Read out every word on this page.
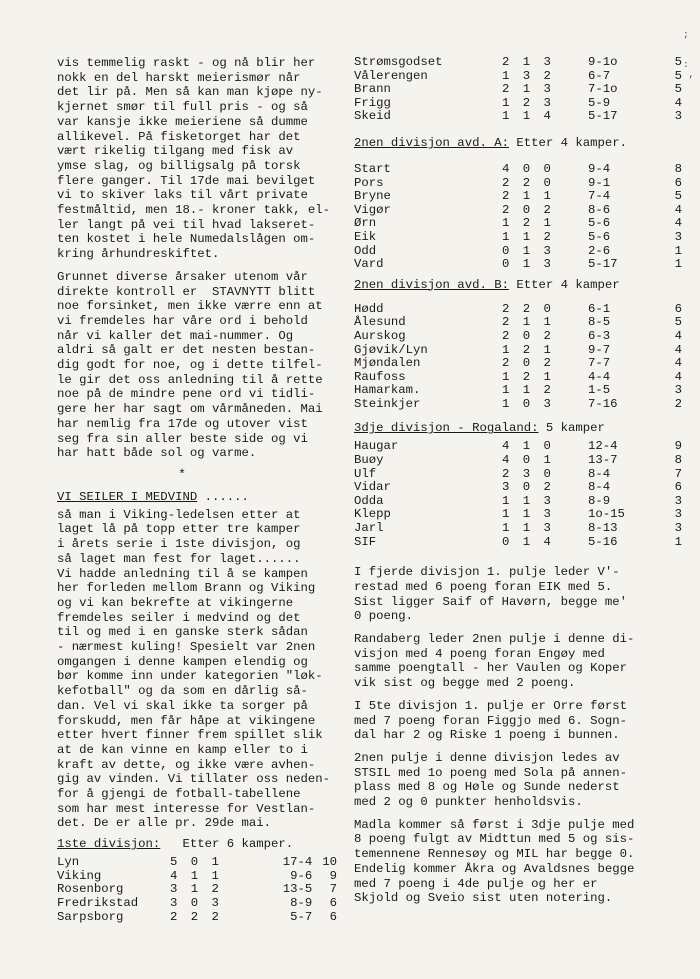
;

:
,

vis temmelig raskt - og nå blir her
nokk en del harskt meierismør når
det lir på. Men så kan man kjøpe ny-
kjernet smør til full pris - og så
var kansje ikke meieriene så dumme
allikevel. På fisketorget har det
vært rikelig tilgang med fisk av
ymse slag, og billigsalg på torsk
flere ganger. Til 17de mai bevilget
vi to skiver laks til vårt private
festmåltid, men 18.- kroner takk, el-
ler langt på vei til hvad lakseret-
ten kostet i hele Numedalslågen om-
kring århundreskiftet.

Grunnet diverse årsaker utenom vår
direkte kontroll er  STAVNYTT blitt
noe forsinket, men ikke værre enn at
vi fremdeles har våre ord i behold
når vi kaller det mai-nummer. Og
aldri så galt er det nesten bestan-
dig godt for noe, og i dette tilfel-
le gir det oss anledning til å rette
noe på de mindre pene ord vi tidli-
gere her har sagt om vårmåneden. Mai
har nemlig fra 17de og utover vist
seg fra sin aller beste side og vi
har hatt både sol og varme.

*

VI SEILER I MEDVIND ......

så man i Viking-ledelsen etter at
laget lå på topp etter tre kamper
i årets serie i 1ste divisjon, og
så laget man fest for laget......
Vi hadde anledning til å se kampen
her forleden mellom Brann og Viking
og vi kan bekrefte at vikingerne
fremdeles seiler i medvind og det
til og med i en ganske sterk sådan
- nærmest kuling! Spesielt var 2nen
omgangen i denne kampen elendig og
bør komme inn under kategorien "løk-
kefotball" og da som en dårlig så-
dan. Vel vi skal ikke ta sorger på
forskudd, men får håpe at vikingene
etter hvert finner frem spillet slik
at de kan vinne en kamp eller to i
kraft av dette, og ikke være avhen-
gig av vinden. Vi tillater oss neden-
for å gjengi de fotball-tabellene
som har mest interesse for Vestlan-
det. De er alle pr. 29de mai.

1ste divisjon:   Etter 6 kamper.

Lyn	5 0 1	17-4	10
Viking	4 1 1	9-6	9
Rosenborg	3 1 2	13-5	7
Fredrikstad	3 0 3	8-9	6
Sarpsborg	2 2 2	5-7	6
Strømsgodset	2 1 3	9-1o	5
Vålerengen	1 3 2	6-7	5
Brann	2 1 3	7-1o	5
Frigg	1 2 3	5-9	4
Skeid	1 1 4	5-17	3

2nen divisjon avd. A: Etter 4 kamper.

Start	4 0 0	9-4	8
Pors	2 2 0	9-1	6
Bryne	2 1 1	7-4	5
Vigør	2 0 2	8-6	4
Ørn	1 2 1	5-6	4
Eik	1 1 2	5-6	3
Odd	0 1 3	2-6	1
Vard	0 1 3	5-17	1

2nen divisjon avd. B: Etter 4 kamper

Hødd	2 2 0	6-1	6
Ålesund	2 1 1	8-5	5
Aurskog	2 0 2	6-3	4
Gjøvik/Lyn	1 2 1	9-7	4
Mjøndalen	2 0 2	7-7	4
Raufoss	1 2 1	4-4	4
Hamarkam.	1 1 2	1-5	3
Steinkjer	1 0 3	7-16	2

3dje divisjon - Rogaland: 5 kamper

Haugar	4 1 0	12-4	9
Buøy	4 0 1	13-7	8
Ulf	2 3 0	8-4	7
Vidar	3 0 2	8-4	6
Odda	1 1 3	8-9	3
Klepp	1 1 3	1o-15	3
Jarl	1 1 3	8-13	3
SIF	0 1 4	5-16	1

I fjerde divisjon 1. pulje leder V'-
restad med 6 poeng foran EIK med 5.
Sist ligger Saif of Havørn, begge me'
0 poeng.

Randaberg leder 2nen pulje i denne di-
visjon med 4 poeng foran Engøy med
samme poengtall - her Vaulen og Koper
vik sist og begge med 2 poeng.

I 5te divisjon 1. pulje er Orre først
med 7 poeng foran Figgjo med 6. Sogn-
dal har 2 og Riske 1 poeng i bunnen.

2nen pulje i denne divisjon ledes av
STSIL med 1o poeng med Sola på annen-
plass med 8 og Høle og Sunde nederst
med 2 og 0 punkter henholdsvis.

Madla kommer så først i 3dje pulje med
8 poeng fulgt av Midttun med 5 og sis-
temennene Rennesøy og MIL har begge 0.
Endelig kommer Åkra og Avaldsnes begge
med 7 poeng i 4de pulje og her er
Skjold og Sveio sist uten notering.
